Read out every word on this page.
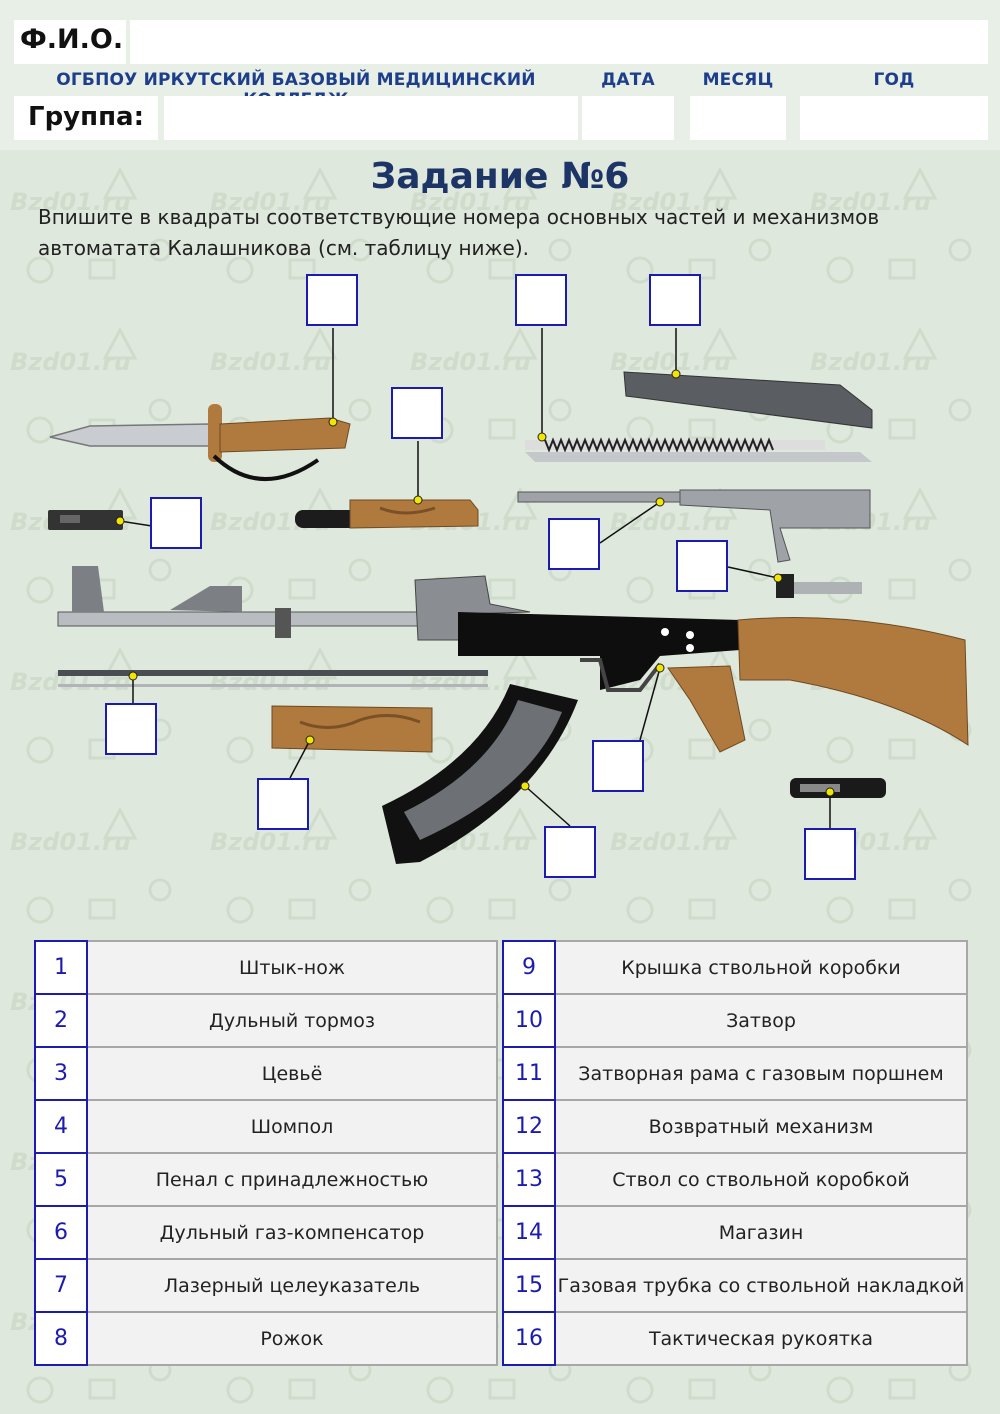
Ф.И.О.
ОГБПОУ ИРКУТСКИЙ БАЗОВЫЙ МЕДИЦИНСКИЙ	ДАТА	МЕСЯЦ	ГОД
Группа:
Задание №6
Впишите в квадраты соответствующие номера основных частей и механизмов
автоматата Калашникова (см. таблицу ниже).
1	Штык-нож
2	Дульный тормоз
3	Цевьё
4	Шомпол
5	Пенал с принадлежностью
6	Дульный газ-компенсатор
7	Лазерный целеуказатель
8	Рожок
9	Крышка ствольной коробки
10	Затвор
11	Затворная рама с газовым поршнем
12	Возвратный механизм
13	Ствол со ствольной коробкой
14	Магазин
15	Газовая трубка со ствольной накладкой
16	Тактическая рукоятка
